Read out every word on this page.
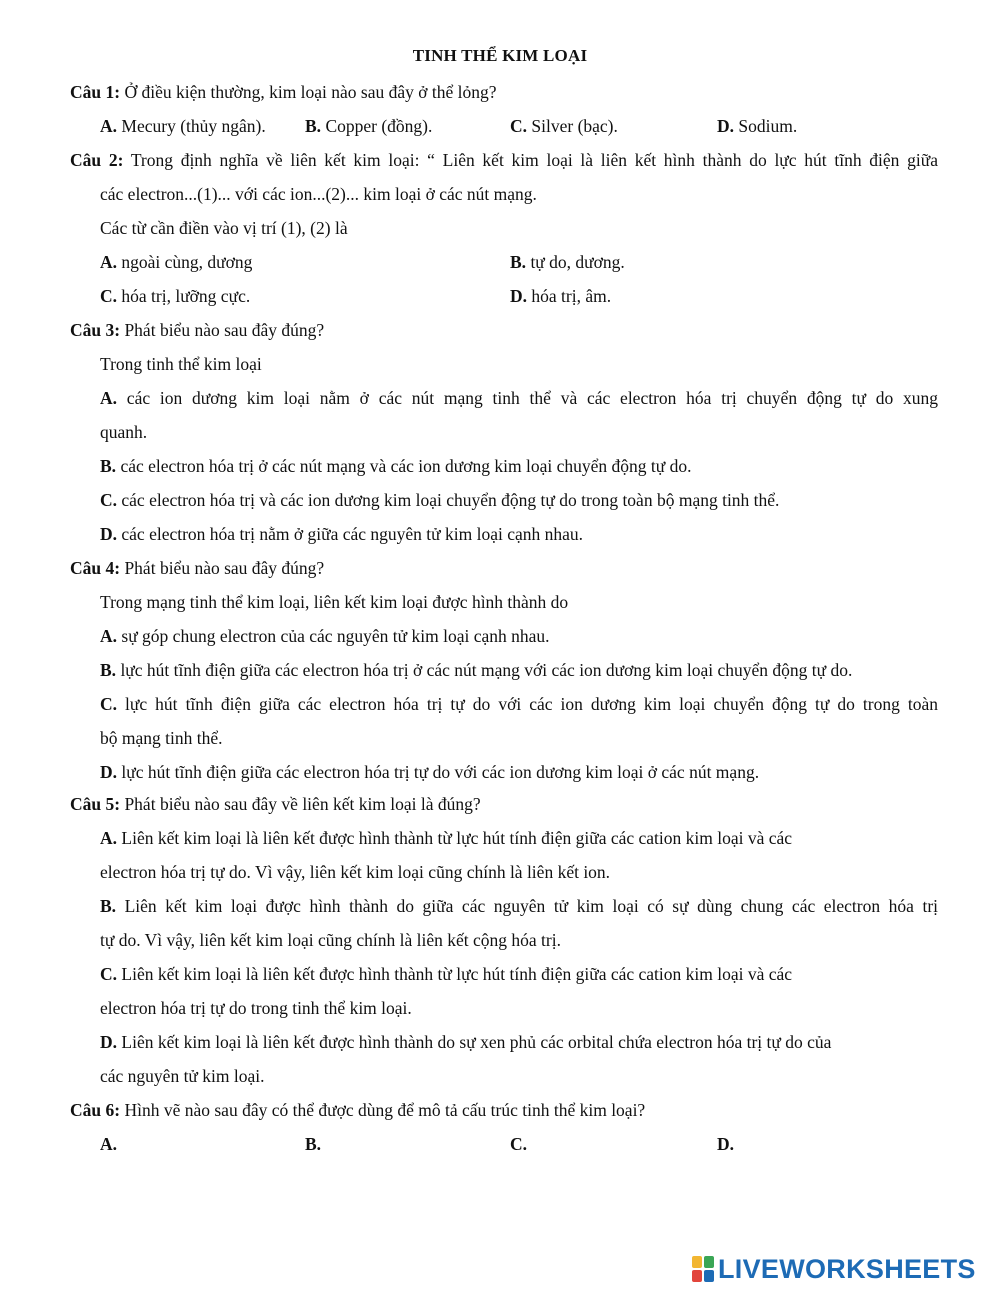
TINH THỂ KIM LOẠI
Câu 1: Ở điều kiện thường, kim loại nào sau đây ở thể lỏng?
A. Mecury (thủy ngân). B. Copper (đồng).	C. Silver (bạc).	D. Sodium.
Câu 2: Trong định nghĩa về liên kết kim loại: “ Liên kết kim loại là liên kết hình thành do lực hút tĩnh điện giữa
các electron...(1)... với các ion...(2)... kim loại ở các nút mạng.
Các từ cần điền vào vị trí (1), (2) là
A. ngoài cùng, dương	B. tự do, dương.
C. hóa trị, lưỡng cực.	D. hóa trị, âm.
Câu 3: Phát biểu nào sau đây đúng?
Trong tinh thể kim loại
A. các ion dương kim loại nằm ở các nút mạng tinh thể và các electron hóa trị chuyển động tự do xung
quanh.
B. các electron hóa trị ở các nút mạng và các ion dương kim loại chuyển động tự do.
C. các electron hóa trị và các ion dương kim loại chuyển động tự do trong toàn bộ mạng tinh thể.
D. các electron hóa trị nằm ở giữa các nguyên tử kim loại cạnh nhau.
Câu 4: Phát biểu nào sau đây đúng?
Trong mạng tinh thể kim loại, liên kết kim loại được hình thành do
A. sự góp chung electron của các nguyên tử kim loại cạnh nhau.
B. lực hút tĩnh điện giữa các electron hóa trị ở các nút mạng với các ion dương kim loại chuyển động tự do.
C. lực hút tĩnh điện giữa các electron hóa trị tự do với các ion dương kim loại chuyển động tự do trong toàn
bộ mạng tinh thể.
D. lực hút tĩnh điện giữa các electron hóa trị tự do với các ion dương kim loại ở các nút mạng.
Câu 5: Phát biểu nào sau đây về liên kết kim loại là đúng?
A. Liên kết kim loại là liên kết được hình thành từ lực hút tính điện giữa các cation kim loại và các
electron hóa trị tự do. Vì vậy, liên kết kim loại cũng chính là liên kết ion.
B. Liên kết kim loại được hình thành do giữa các nguyên tử kim loại có sự dùng chung các electron hóa trị
tự do. Vì vậy, liên kết kim loại cũng chính là liên kết cộng hóa trị.
C. Liên kết kim loại là liên kết được hình thành từ lực hút tính điện giữa các cation kim loại và các
electron hóa trị tự do trong tinh thể kim loại.
D. Liên kết kim loại là liên kết được hình thành do sự xen phủ các orbital chứa electron hóa trị tự do của
các nguyên tử kim loại.
Câu 6: Hình vẽ nào sau đây có thể được dùng để mô tả cấu trúc tinh thể kim loại?
A.	B.	C.	D.
LIVEWORKSHEETS
